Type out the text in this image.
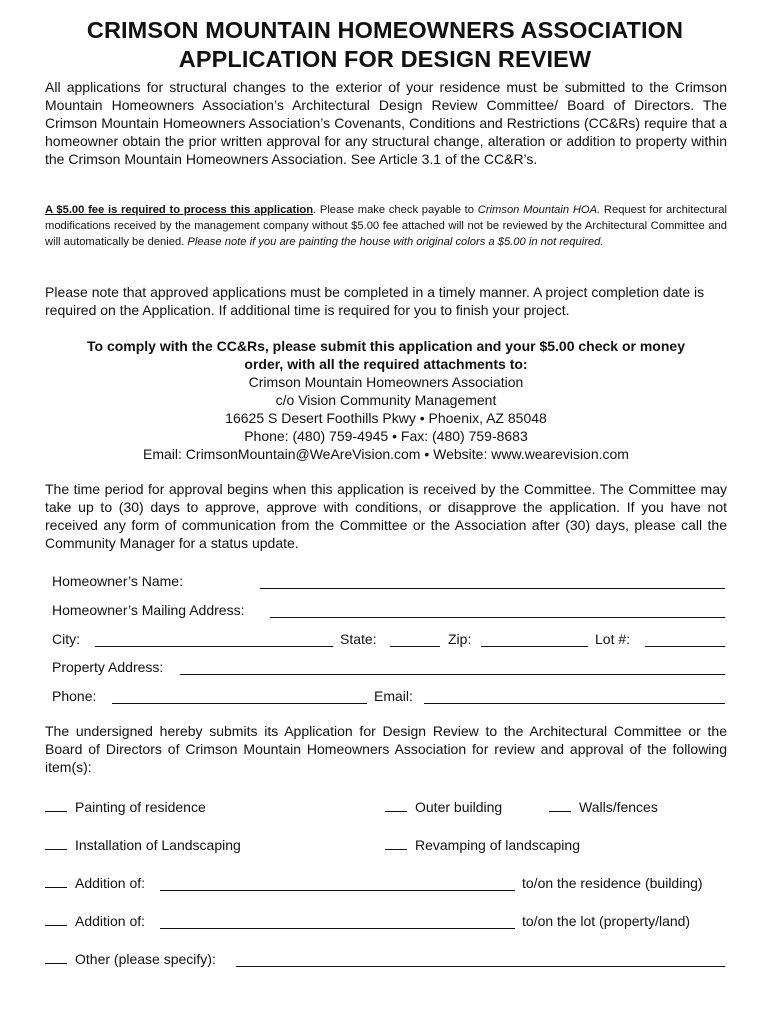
CRIMSON MOUNTAIN HOMEOWNERS ASSOCIATION
APPLICATION FOR DESIGN REVIEW
All applications for structural changes to the exterior of your residence must be submitted to the Crimson Mountain Homeowners Association’s Architectural Design Review Committee/ Board of Directors. The Crimson Mountain Homeowners Association’s Covenants, Conditions and Restrictions (CC&Rs) require that a homeowner obtain the prior written approval for any structural change, alteration or addition to property within the Crimson Mountain Homeowners Association. See Article 3.1 of the CC&R’s.
A $5.00 fee is required to process this application. Please make check payable to Crimson Mountain HOA. Request for architectural modifications received by the management company without $5.00 fee attached will not be reviewed by the Architectural Committee and will automatically be denied. Please note if you are painting the house with original colors a $5.00 in not required.
Please note that approved applications must be completed in a timely manner. A project completion date is required on the Application. If additional time is required for you to finish your project.
To comply with the CC&Rs, please submit this application and your $5.00 check or money
order, with all the required attachments to:
Crimson Mountain Homeowners Association
c/o Vision Community Management
16625 S Desert Foothills Pkwy • Phoenix, AZ 85048
Phone: (480) 759-4945 • Fax: (480) 759-8683
Email: CrimsonMountain@WeAreVision.com • Website: www.wearevision.com
The time period for approval begins when this application is received by the Committee. The Committee may take up to (30) days to approve, approve with conditions, or disapprove the application. If you have not received any form of communication from the Committee or the Association after (30) days, please call the Community Manager for a status update.
Homeowner’s Name:
Homeowner’s Mailing Address:
City:	State:	Zip:	Lot #:
Property Address:
Phone:	Email:
The undersigned hereby submits its Application for Design Review to the Architectural Committee or the Board of Directors of Crimson Mountain Homeowners Association for review and approval of the following item(s):
Painting of residence	Outer building	Walls/fences
Installation of Landscaping	Revamping of landscaping
Addition of:	to/on the residence (building)
Addition of:	to/on the lot (property/land)
Other (please specify):
